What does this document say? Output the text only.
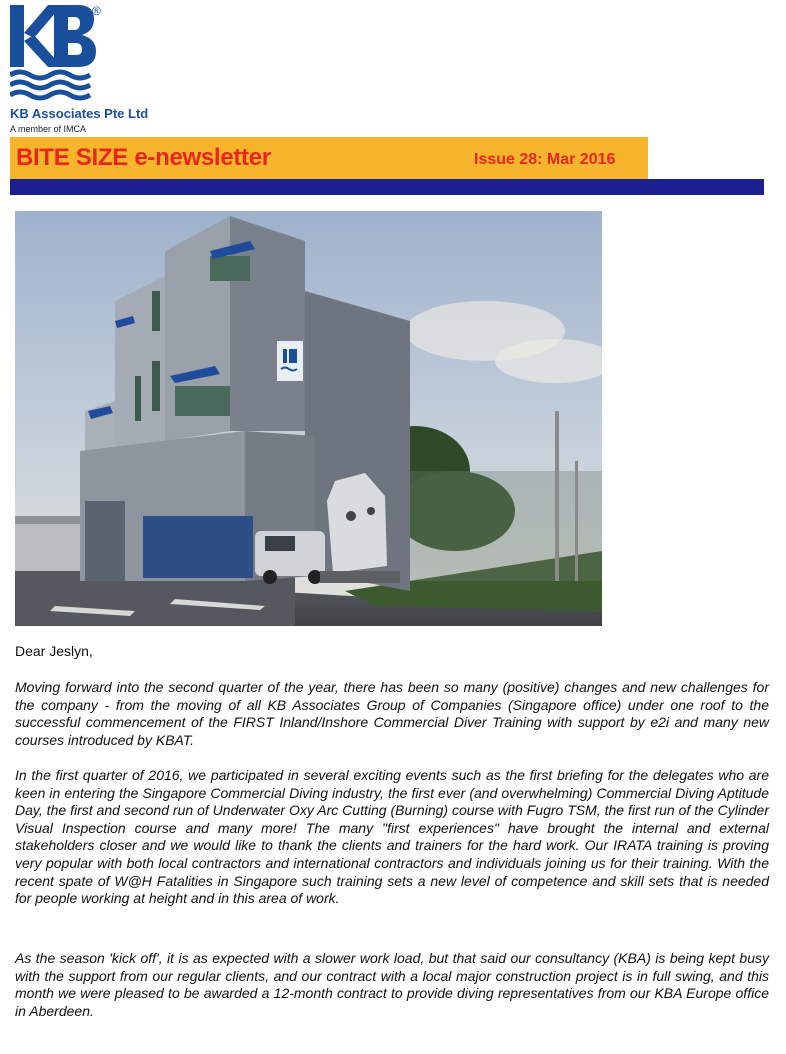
®
KB Associates Pte Ltd
A member of IMCA
BITE SIZE e-newsletter	Issue 28: Mar 2016
Dear Jeslyn,
Moving forward into the second quarter of the year, there has been so many (positive) changes and new challenges for the company - from the moving of all KB Associates Group of Companies (Singapore office) under one roof to the successful commencement of the FIRST Inland/Inshore Commercial Diver Training with support by e2i and many new courses introduced by KBAT.
In the first quarter of 2016, we participated in several exciting events such as the first briefing for the delegates who are keen in entering the Singapore Commercial Diving industry, the first ever (and overwhelming) Commercial Diving Aptitude Day, the first and second run of Underwater Oxy Arc Cutting (Burning) course with Fugro TSM, the first run of the Cylinder Visual Inspection course and many more! The many "first experiences" have brought the internal and external stakeholders closer and we would like to thank the clients and trainers for the hard work. Our IRATA training is proving very popular with both local contractors and international contractors and individuals joining us for their training. With the recent spate of W@H Fatalities in Singapore such training sets a new level of competence and skill sets that is needed for people working at height and in this area of work.
As the season 'kick off', it is as expected with a slower work load, but that said our consultancy (KBA) is being kept busy with the support from our regular clients, and our contract with a local major construction project is in full swing, and this month we were pleased to be awarded a 12-month contract to provide diving representatives from our KBA Europe office in Aberdeen.
